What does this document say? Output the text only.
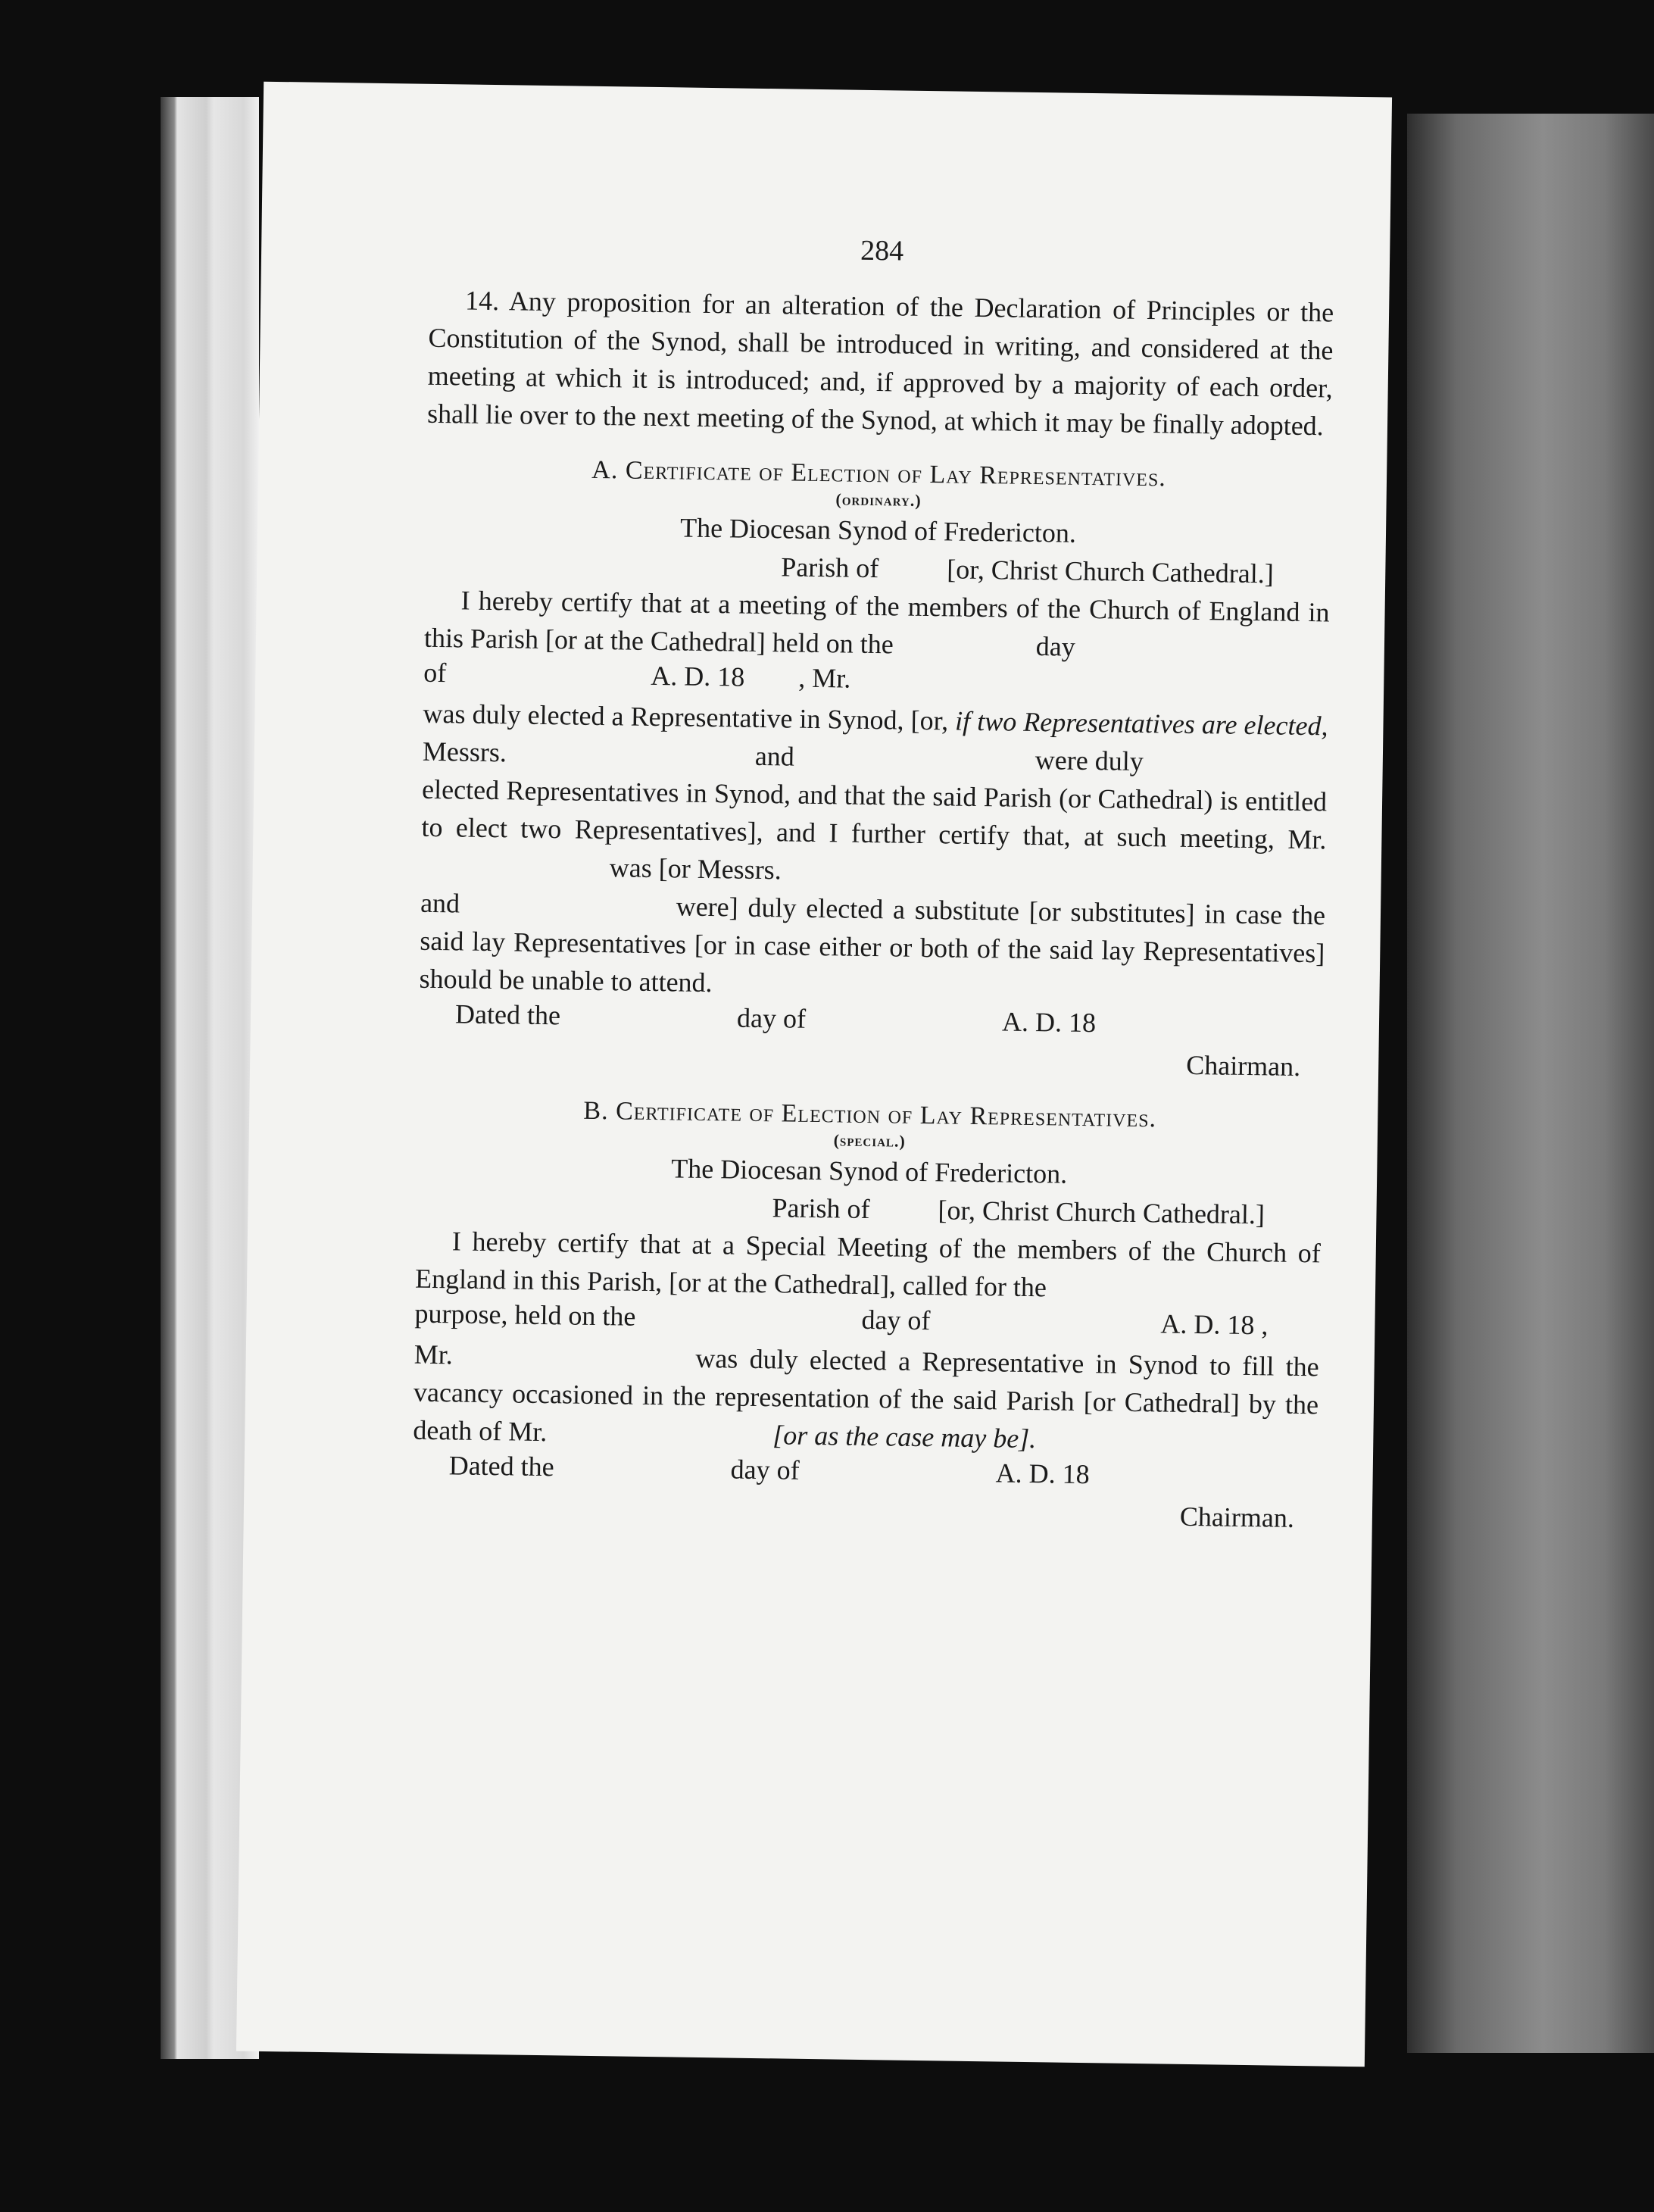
284

14. Any proposition for an alteration of the Declaration of Principles or the Constitution of the Synod, shall be introduced in writing, and considered at the meeting at which it is introduced; and, if approved by a majority of each order, shall lie over to the next meeting of the Synod, at which it may be finally adopted.

A. Certificate of Election of Lay Representatives.
(ordinary.)
The Diocesan Synod of Fredericton.
Parish of [or, Christ Church Cathedral.]

I hereby certify that at a meeting of the members of the Church of England in this Parish [or at the Cathedral] held on the	day

of	A. D. 18 , Mr.

was duly elected a Representative in Synod, [or, if two Representatives are elected, Messrs.	and	were duly

elected Representatives in Synod, and that the said Parish (or Cathedral) is entitled to elect two Representatives], and I further certify that, at such meeting, Mr.  was [or Messrs.

and	were] duly elected a substitute [or substitutes] in case the said lay Representatives [or in case either or both of the said lay Representatives] should be unable to attend.

Dated the	day of	A. D. 18
Chairman.
B. Certificate of Election of Lay Representatives.
(special.)
The Diocesan Synod of Fredericton.
Parish of [or, Christ Church Cathedral.]

I hereby certify that at a Special Meeting of the members of the Church of England in this Parish, [or at the Cathedral], called for the

purpose, held on the	day of	A. D. 18 ,

Mr.	was duly elected a Representative in Synod to fill the vacancy occasioned in the representation of the said Parish [or Cathedral] by the death of Mr.	[or as the case may be].

Dated the	day of	A. D. 18
Chairman.
